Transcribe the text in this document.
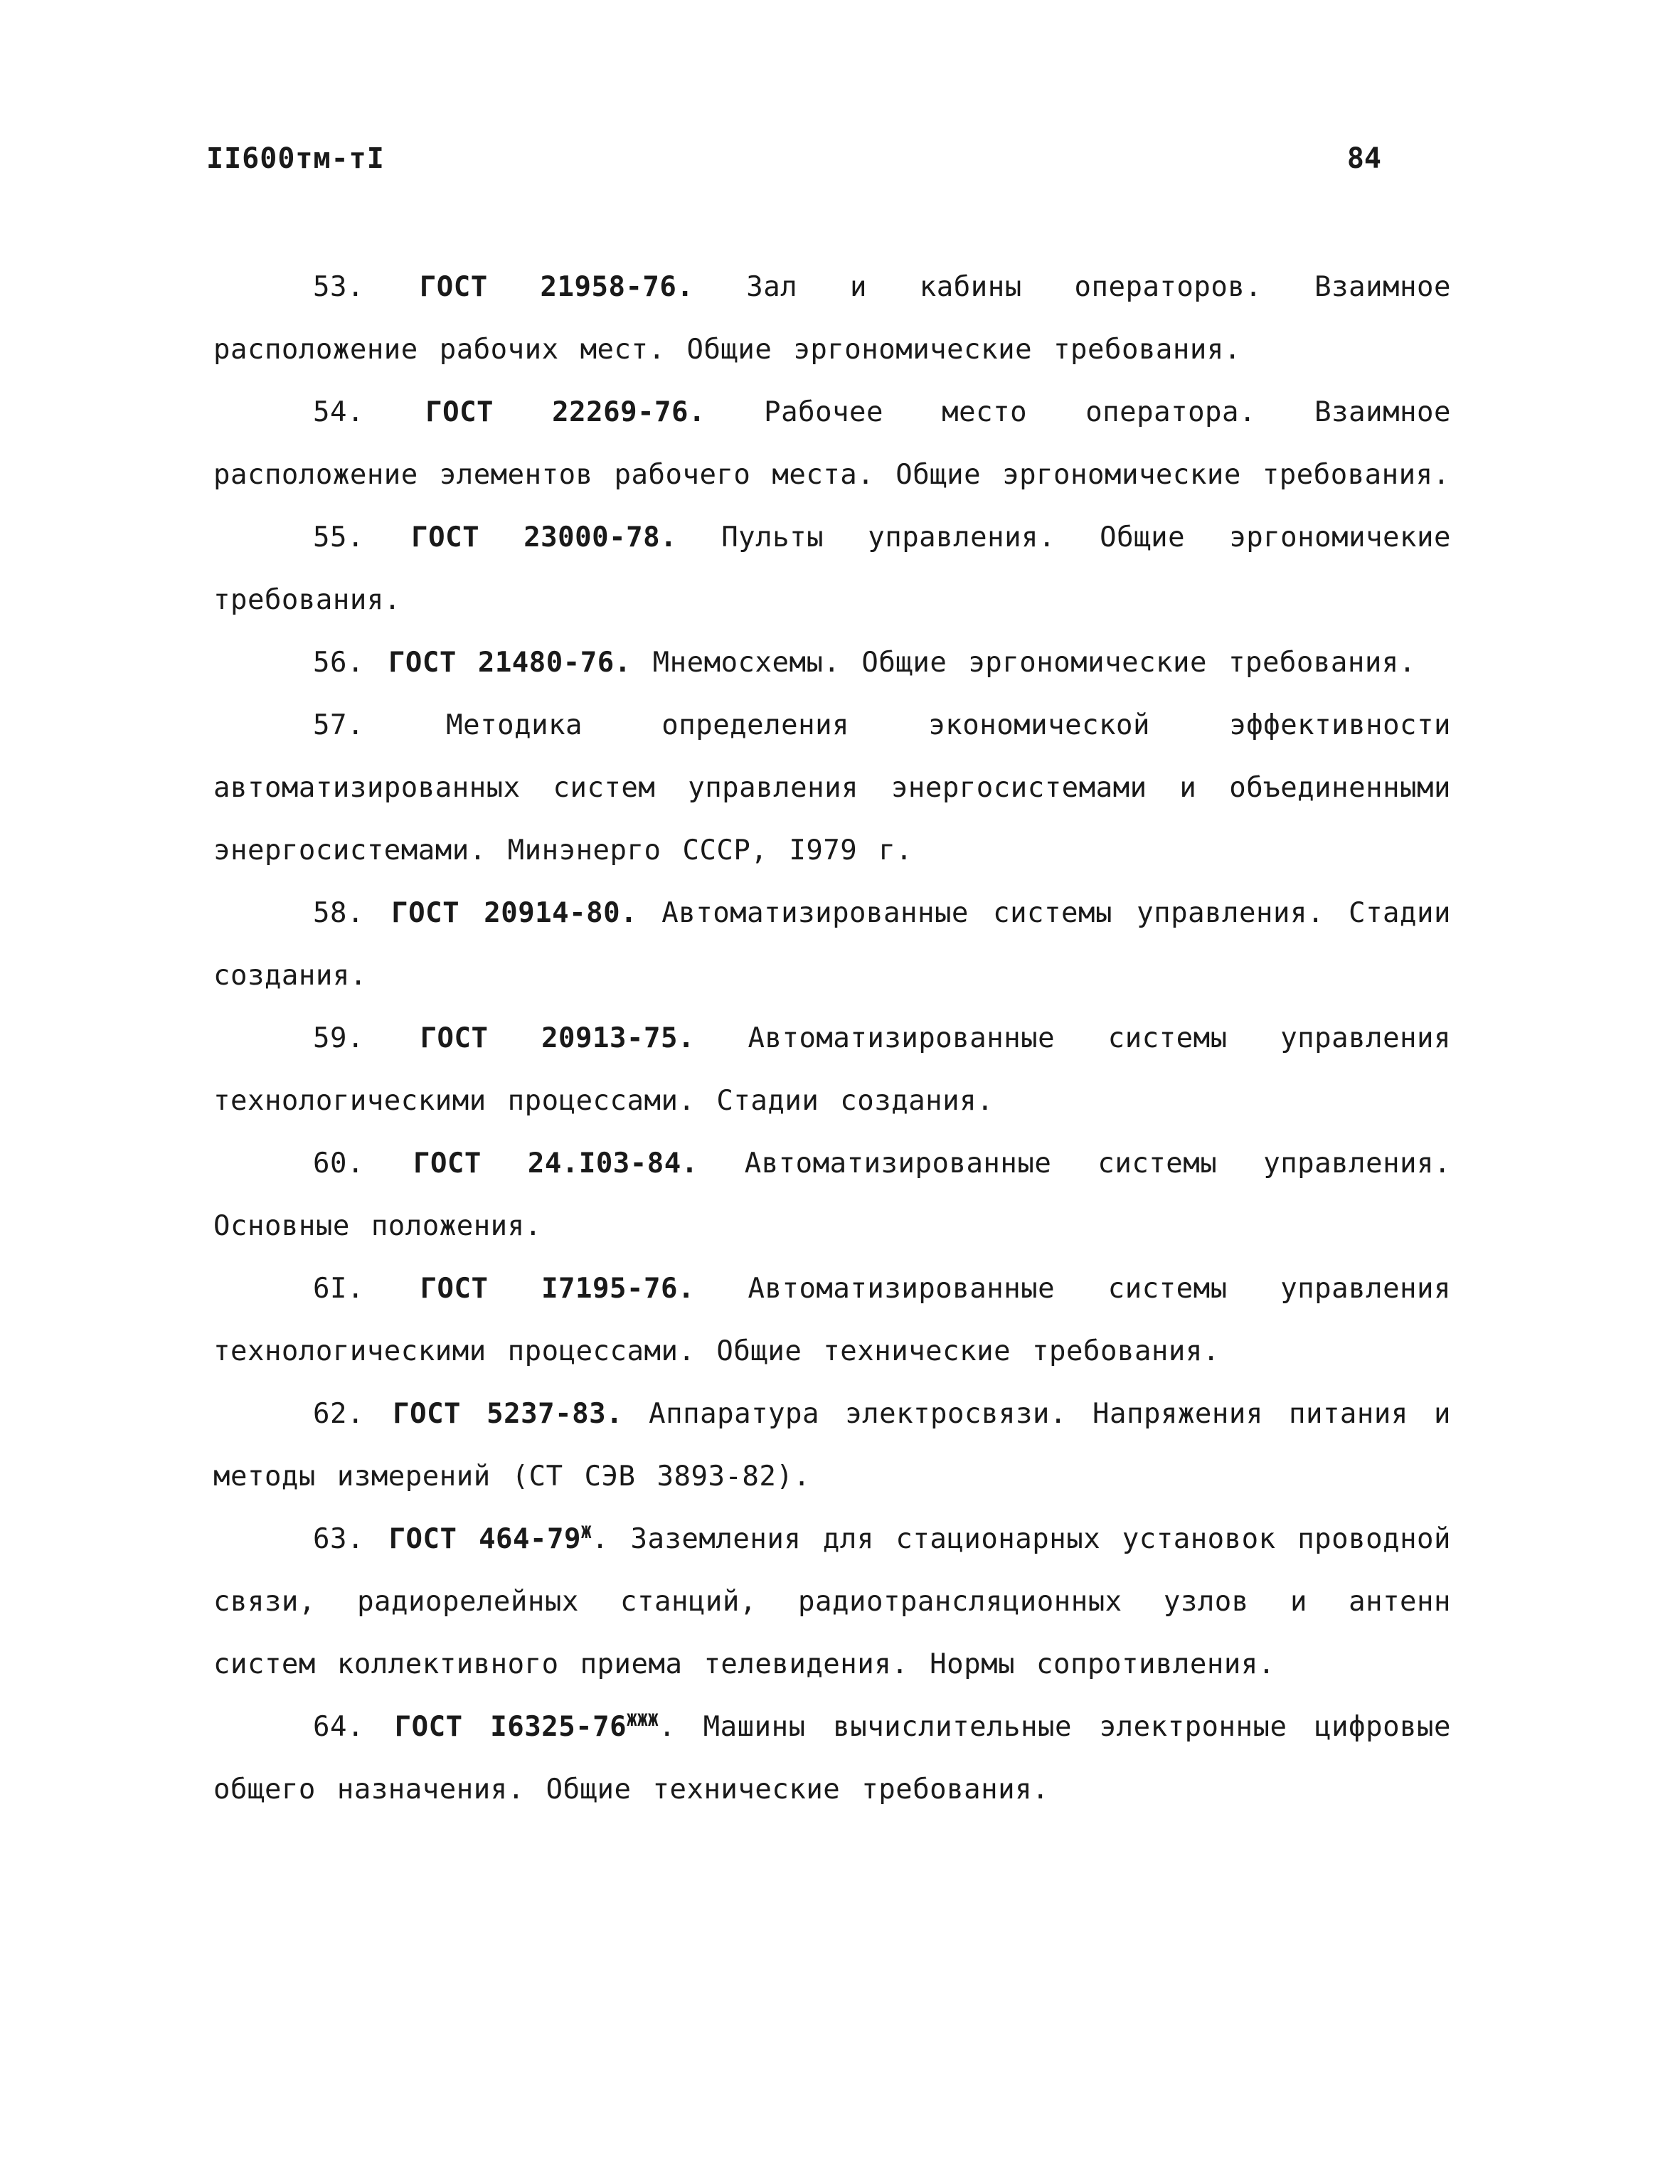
II600тм-тI	84

53. ГОСТ 21958-76. Зал и кабины операторов. Взаимное расположение рабочих мест. Общие эргономические требования.

54. ГОСТ 22269-76. Рабочее место оператора. Взаимное расположение элементов рабочего места. Общие эргономические требования.

55. ГОСТ 23000-78. Пульты управления. Общие эргономичекие требования.

56. ГОСТ 21480-76. Мнемосхемы. Общие эргономические требования.

57. Методика определения экономической эффективности автоматизированных систем управления энергосистемами и объединенными энергосистемами. Минэнерго СССР, I979 г.

58. ГОСТ 20914-80. Автоматизированные системы управления. Стадии создания.

59. ГОСТ 20913-75. Автоматизированные системы управления технологическими процессами. Стадии создания.

60. ГОСТ 24.I03-84. Автоматизированные системы управления. Основные положения.

6I. ГОСТ I7195-76. Автоматизированные системы управления технологическими процессами. Общие технические требования.

62. ГОСТ 5237-83. Аппаратура электросвязи. Напряжения питания и методы измерений (СТ СЭВ 3893-82).

63. ГОСТ $464-79^Ж$. Заземления для стационарных установок проводной связи, радиорелейных станций, радиотрансляционных узлов и антенн систем коллективного приема телевидения. Нормы сопротивления.

64. ГОСТ $I6325-76^{ЖЖЖ}$. Машины вычислительные электронные цифровые общего назначения. Общие технические требования.
